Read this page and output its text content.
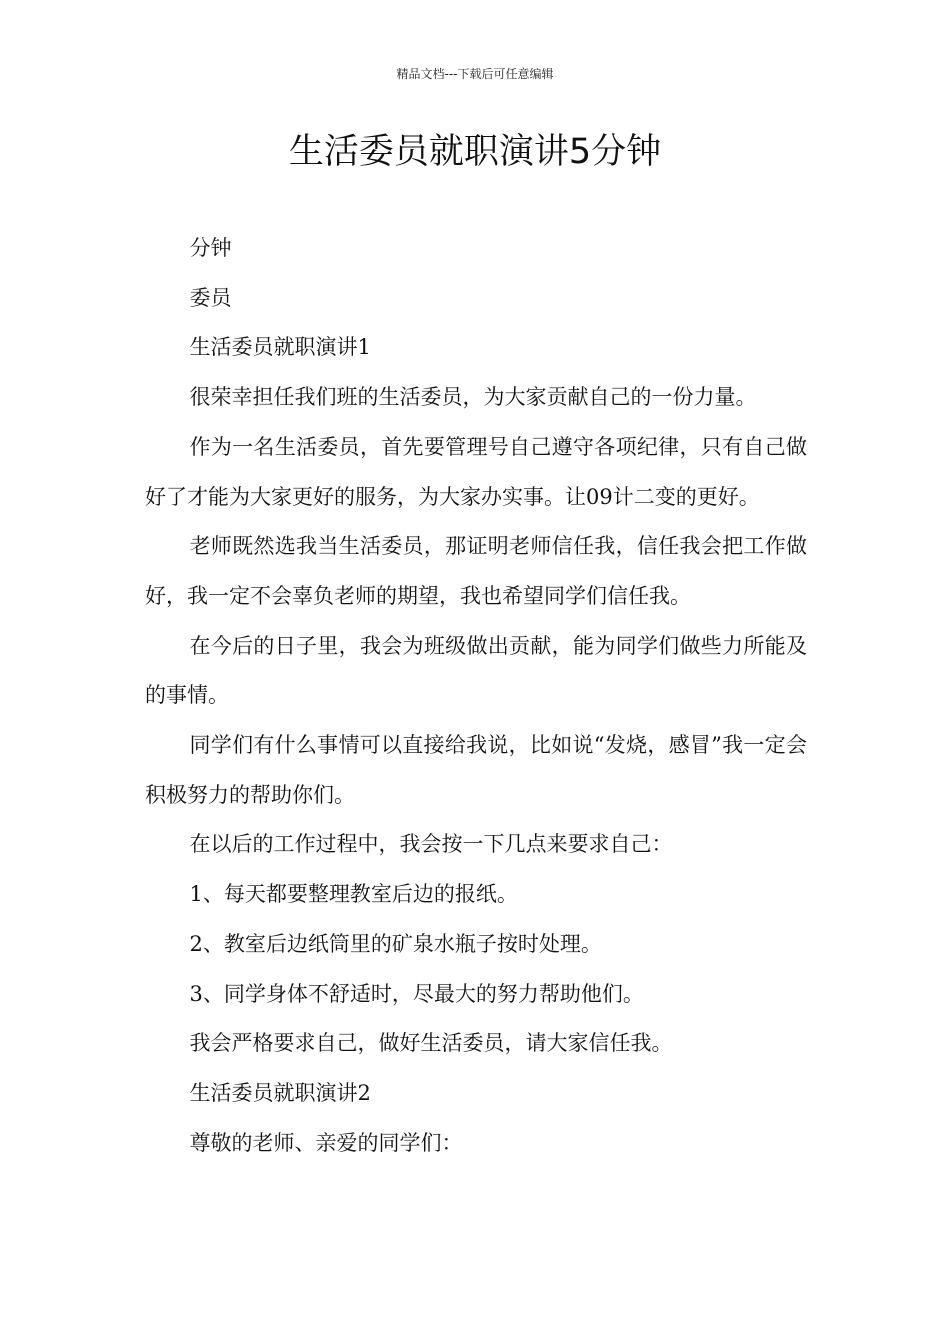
精品文档---下载后可任意编辑
生活委员就职演讲5分钟

分钟

委员

生活委员就职演讲1

很荣幸担任我们班的生活委员，为大家贡献自己的一份力量。

作为一名生活委员，首先要管理号自己遵守各项纪律，只有自己做好了才能为大家更好的服务，为大家办实事。让09计二变的更好。

老师既然选我当生活委员，那证明老师信任我，信任我会把工作做好，我一定不会辜负老师的期望，我也希望同学们信任我。

在今后的日子里，我会为班级做出贡献，能为同学们做些力所能及的事情。

同学们有什么事情可以直接给我说，比如说“发烧，感冒”我一定会积极努力的帮助你们。

在以后的工作过程中，我会按一下几点来要求自己：

1、每天都要整理教室后边的报纸。

2、教室后边纸筒里的矿泉水瓶子按时处理。

3、同学身体不舒适时，尽最大的努力帮助他们。

我会严格要求自己，做好生活委员，请大家信任我。

生活委员就职演讲2

尊敬的老师、亲爱的同学们：
